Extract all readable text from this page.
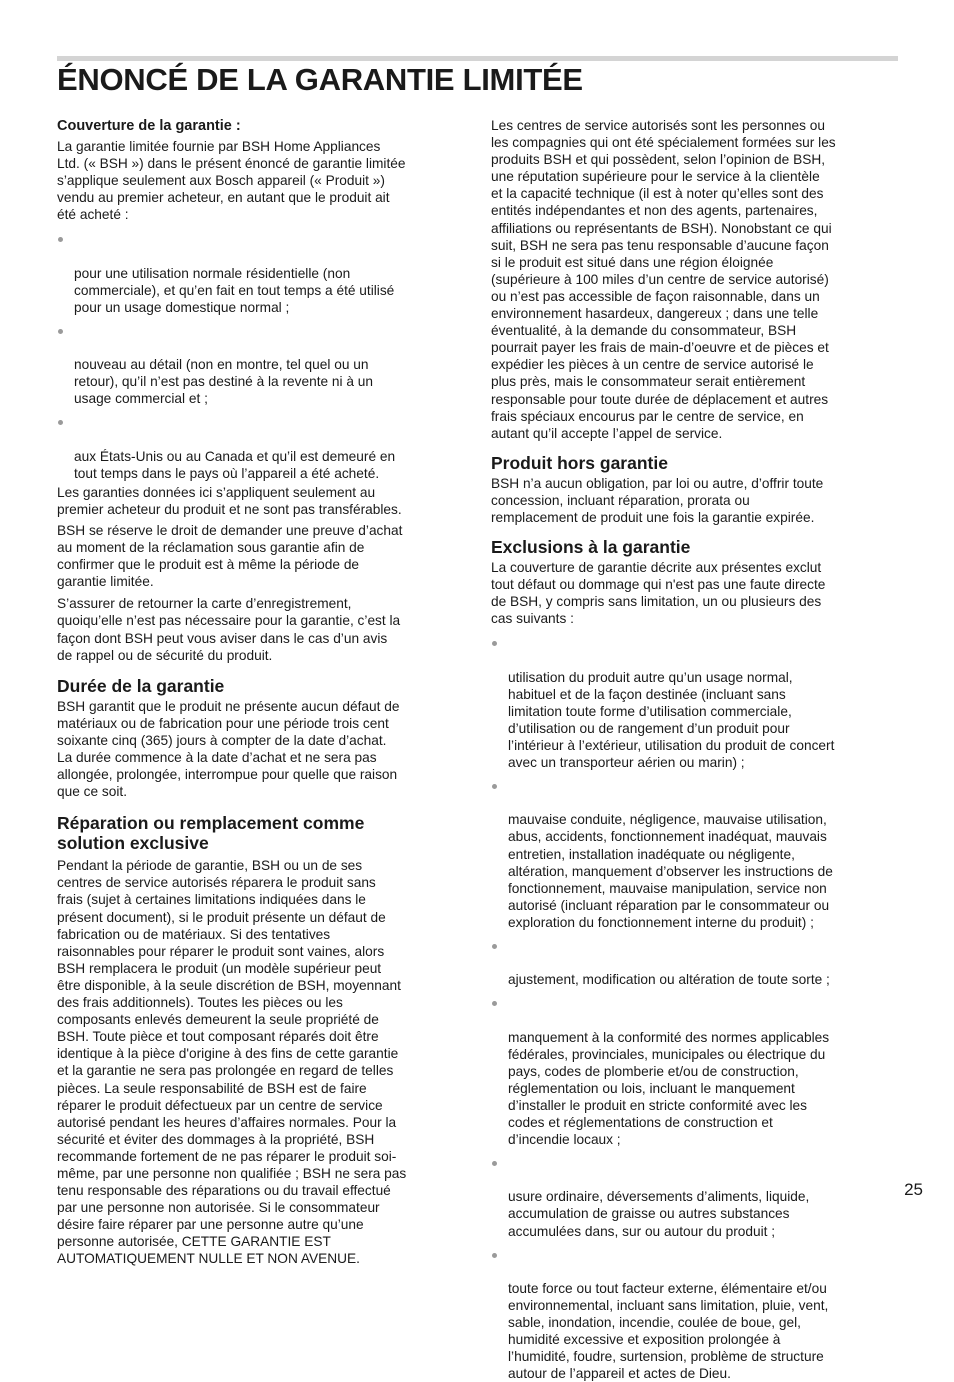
ÉNONCÉ DE LA GARANTIE LIMITÉE
Couverture de la garantie :

La garantie limitée fournie par BSH Home Appliances
Ltd. (« BSH ») dans le présent énoncé de garantie limitée
s’applique seulement aux Bosch appareil (« Produit »)
vendu au premier acheteur, en autant que le produit ait
été acheté :

pour une utilisation normale résidentielle (non
commerciale), et qu’en fait en tout temps a été utilisé
pour un usage domestique normal ;

nouveau au détail (non en montre, tel quel ou un
retour), qu’il n’est pas destiné à la revente ni à un
usage commercial et ;

aux États-Unis ou au Canada et qu’il est demeuré en
tout temps dans le pays où l’appareil a été acheté.

Les garanties données ici s’appliquent seulement au
premier acheteur du produit et ne sont pas transférables.

BSH se réserve le droit de demander une preuve d’achat
au moment de la réclamation sous garantie afin de
confirmer que le produit est à même la période de
garantie limitée.

S’assurer de retourner la carte d’enregistrement,
quoiqu’elle n’est pas nécessaire pour la garantie, c’est la
façon dont BSH peut vous aviser dans le cas d’un avis
de rappel ou de sécurité du produit.

Durée de la garantie

BSH garantit que le produit ne présente aucun défaut de
matériaux ou de fabrication pour une période trois cent
soixante cinq (365) jours à compter de la date d’achat.
La durée commence à la date d’achat et ne sera pas
allongée, prolongée, interrompue pour quelle que raison
que ce soit.

Réparation ou remplacement comme
solution exclusive

Pendant la période de garantie, BSH ou un de ses
centres de service autorisés réparera le produit sans
frais (sujet à certaines limitations indiquées dans le
présent document), si le produit présente un défaut de
fabrication ou de matériaux. Si des tentatives
raisonnables pour réparer le produit sont vaines, alors
BSH remplacera le produit (un modèle supérieur peut
être disponible, à la seule discrétion de BSH, moyennant
des frais additionnels). Toutes les pièces ou les
composants enlevés demeurent la seule propriété de
BSH. Toute pièce et tout composant réparés doit être
identique à la pièce d'origine à des fins de cette garantie
et la garantie ne sera pas prolongée en regard de telles
pièces. La seule responsabilité de BSH est de faire
réparer le produit défectueux par un centre de service
autorisé pendant les heures d’affaires normales. Pour la
sécurité et éviter des dommages à la propriété, BSH
recommande fortement de ne pas réparer le produit soi-
même, par une personne non qualifiée ; BSH ne sera pas
tenu responsable des réparations ou du travail effectué
par une personne non autorisée. Si le consommateur
désire faire réparer par une personne autre qu’une
personne autorisée, CETTE GARANTIE EST
AUTOMATIQUEMENT NULLE ET NON AVENUE.

Les centres de service autorisés sont les personnes ou
les compagnies qui ont été spécialement formées sur les
produits BSH et qui possèdent, selon l’opinion de BSH,
une réputation supérieure pour le service à la clientèle
et la capacité technique (il est à noter qu’elles sont des
entités indépendantes et non des agents, partenaires,
affiliations ou représentants de BSH). Nonobstant ce qui
suit, BSH ne sera pas tenu responsable d’aucune façon
si le produit est situé dans une région éloignée
(supérieure à 100 miles d’un centre de service autorisé)
ou n’est pas accessible de façon raisonnable, dans un
environnement hasardeux, dangereux ; dans une telle
éventualité, à la demande du consommateur, BSH
pourrait payer les frais de main-d’oeuvre et de pièces et
expédier les pièces à un centre de service autorisé le
plus près, mais le consommateur serait entièrement
responsable pour toute durée de déplacement et autres
frais spéciaux encourus par le centre de service, en
autant qu’il accepte l’appel de service.

Produit hors garantie

BSH n’a aucun obligation, par loi ou autre, d’offrir toute
concession, incluant réparation, prorata ou
remplacement de produit une fois la garantie expirée.

Exclusions à la garantie

La couverture de garantie décrite aux présentes exclut
tout défaut ou dommage qui n'est pas une faute directe
de BSH, y compris sans limitation, un ou plusieurs des
cas suivants :

utilisation du produit autre qu’un usage normal,
habituel et de la façon destinée (incluant sans
limitation toute forme d’utilisation commerciale,
d’utilisation ou de rangement d’un produit pour
l’intérieur à l’extérieur, utilisation du produit de concert
avec un transporteur aérien ou marin) ;

mauvaise conduite, négligence, mauvaise utilisation,
abus, accidents, fonctionnement inadéquat, mauvais
entretien, installation inadéquate ou négligente,
altération, manquement d’observer les instructions de
fonctionnement, mauvaise manipulation, service non
autorisé (incluant réparation par le consommateur ou
exploration du fonctionnement interne du produit) ;

ajustement, modification ou altération de toute sorte ;

manquement à la conformité des normes applicables
fédérales, provinciales, municipales ou électrique du
pays, codes de plomberie et/ou de construction,
réglementation ou lois, incluant le manquement
d’installer le produit en stricte conformité avec les
codes et réglementations de construction et
d’incendie locaux ;

usure ordinaire, déversements d’aliments, liquide,
accumulation de graisse ou autres substances
accumulées dans, sur ou autour du produit ;

toute force ou tout facteur externe, élémentaire et/ou
environnemental, incluant sans limitation, pluie, vent,
sable, inondation, incendie, coulée de boue, gel,
humidité excessive et exposition prolongée à
l’humidité, foudre, surtension, problème de structure
autour de l’appareil et actes de Dieu.

25
